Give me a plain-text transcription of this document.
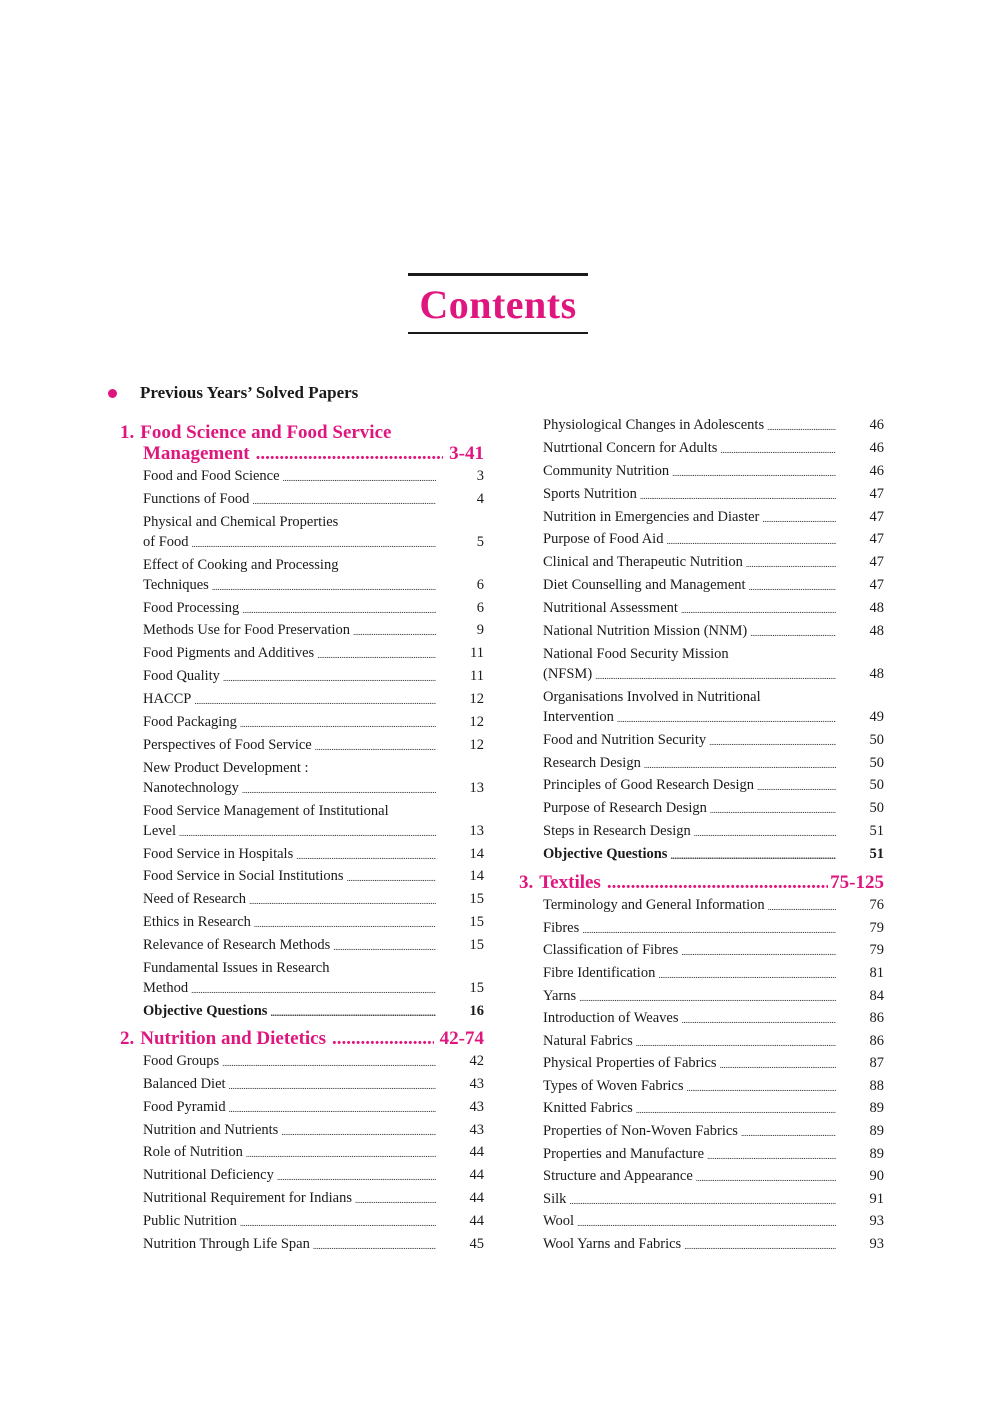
Contents
Previous Years’ Solved Papers
1. Food Science and Food Service
Management .....	3-41
Food and Food Science .....	3
Functions of Food .....	4
Physical and Chemical Properties
of Food .....	5
Effect of Cooking and Processing
Techniques .....	6
Food Processing .....	6
Methods Use for Food Preservation .....	9
Food Pigments and Additives .....	11
Food Quality .....	11
HACCP .....	12
Food Packaging .....	12
Perspectives of Food Service .....	12
New Product Development :
Nanotechnology .....	13
Food Service Management of Institutional
Level .....	13
Food Service in Hospitals .....	14
Food Service in Social Institutions .....	14
Need of Research .....	15
Ethics in Research .....	15
Relevance of Research Methods .....	15
Fundamental Issues in Research
Method .....	15
Objective Questions .....	16
2. Nutrition and Dietetics .....	42-74
Food Groups .....	42
Balanced Diet .....	43
Food Pyramid .....	43
Nutrition and Nutrients .....	43
Role of Nutrition .....	44
Nutritional Deficiency .....	44
Nutritional Requirement for Indians .....	44
Public Nutrition .....	44
Nutrition Through Life Span .....	45
Physiological Changes in Adolescents .....	46
Nutrtional Concern for Adults .....	46
Community Nutrition .....	46
Sports Nutrition .....	47
Nutrition in Emergencies and Diaster .....	47
Purpose of Food Aid .....	47
Clinical and Therapeutic Nutrition .....	47
Diet Counselling and Management .....	47
Nutritional Assessment .....	48
National Nutrition Mission (NNM) .....	48
National Food Security Mission
(NFSM) .....	48
Organisations Involved in Nutritional
Intervention .....	49
Food and Nutrition Security .....	50
Research Design .....	50
Principles of Good Research Design .....	50
Purpose of Research Design .....	50
Steps in Research Design .....	51
Objective Questions .....	51
3. Textiles .....	75-125
Terminology and General Information .....	76
Fibres .....	79
Classification of Fibres .....	79
Fibre Identification .....	81
Yarns .....	84
Introduction of Weaves .....	86
Natural Fabrics .....	86
Physical Properties of Fabrics .....	87
Types of Woven Fabrics .....	88
Knitted Fabrics .....	89
Properties of Non-Woven Fabrics .....	89
Properties and Manufacture .....	89
Structure and Appearance .....	90
Silk .....	91
Wool .....	93
Wool Yarns and Fabrics .....	93
